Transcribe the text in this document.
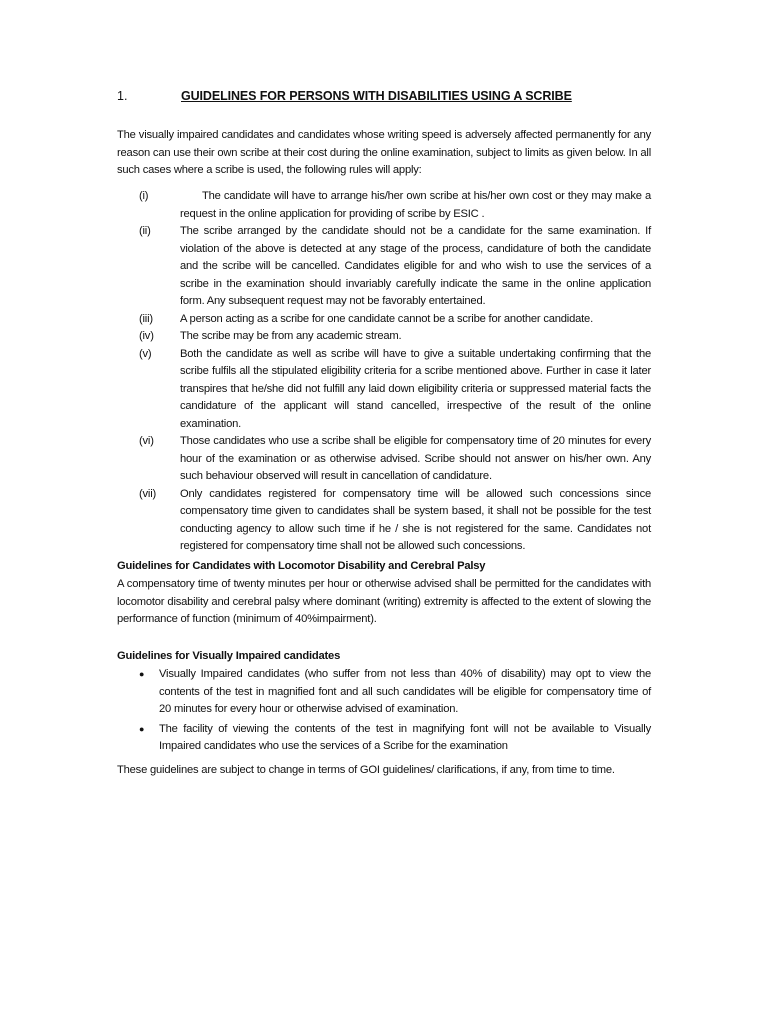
1.	GUIDELINES FOR PERSONS WITH DISABILITIES USING A SCRIBE

The visually impaired candidates and candidates whose writing speed is adversely affected permanently for any reason can use their own scribe at their cost during the online examination, subject to limits as given below. In all such cases where a scribe is used, the following rules will apply:

(i)	The candidate will have to arrange his/her own scribe at his/her own cost or they may make a request in the online application for providing of scribe by ESIC .
(ii)	The scribe arranged by the candidate should not be a candidate for the same examination. If violation of the above is detected at any stage of the process, candidature of both the candidate and the scribe will be cancelled. Candidates eligible for and who wish to use the services of a scribe in the examination should invariably carefully indicate the same in the online application form. Any subsequent request may not be favorably entertained.
(iii)	A person acting as a scribe for one candidate cannot be a scribe for another candidate.
(iv)	The scribe may be from any academic stream.
(v)	Both the candidate as well as scribe will have to give a suitable undertaking confirming that the scribe fulfils all the stipulated eligibility criteria for a scribe mentioned above. Further in case it later transpires that he/she did not fulfill any laid down eligibility criteria or suppressed material facts the candidature of the applicant will stand cancelled, irrespective of the result of the online examination.
(vi)	Those candidates who use a scribe shall be eligible for compensatory time of 20 minutes for every hour of the examination or as otherwise advised. Scribe should not answer on his/her own. Any such behaviour observed will result in cancellation of candidature.
(vii)	Only candidates registered for compensatory time will be allowed such concessions since compensatory time given to candidates shall be system based, it shall not be possible for the test conducting agency to allow such time if he / she is not registered for the same. Candidates not registered for compensatory time shall not be allowed such concessions.
Guidelines for Candidates with Locomotor Disability and Cerebral Palsy

A compensatory time of twenty minutes per hour or otherwise advised shall be permitted for the candidates with locomotor disability and cerebral palsy where dominant (writing) extremity is affected to the extent of slowing the performance of function (minimum of 40%impairment).

Guidelines for Visually Impaired candidates
●	Visually Impaired candidates (who suffer from not less than 40% of disability) may opt to view the contents of the test in magnified font and all such candidates will be eligible for compensatory time of 20 minutes for every hour or otherwise advised of examination.
●	The facility of viewing the contents of the test in magnifying font will not be available to Visually Impaired candidates who use the services of a Scribe for the examination

These guidelines are subject to change in terms of GOI guidelines/ clarifications, if any, from time to time.
